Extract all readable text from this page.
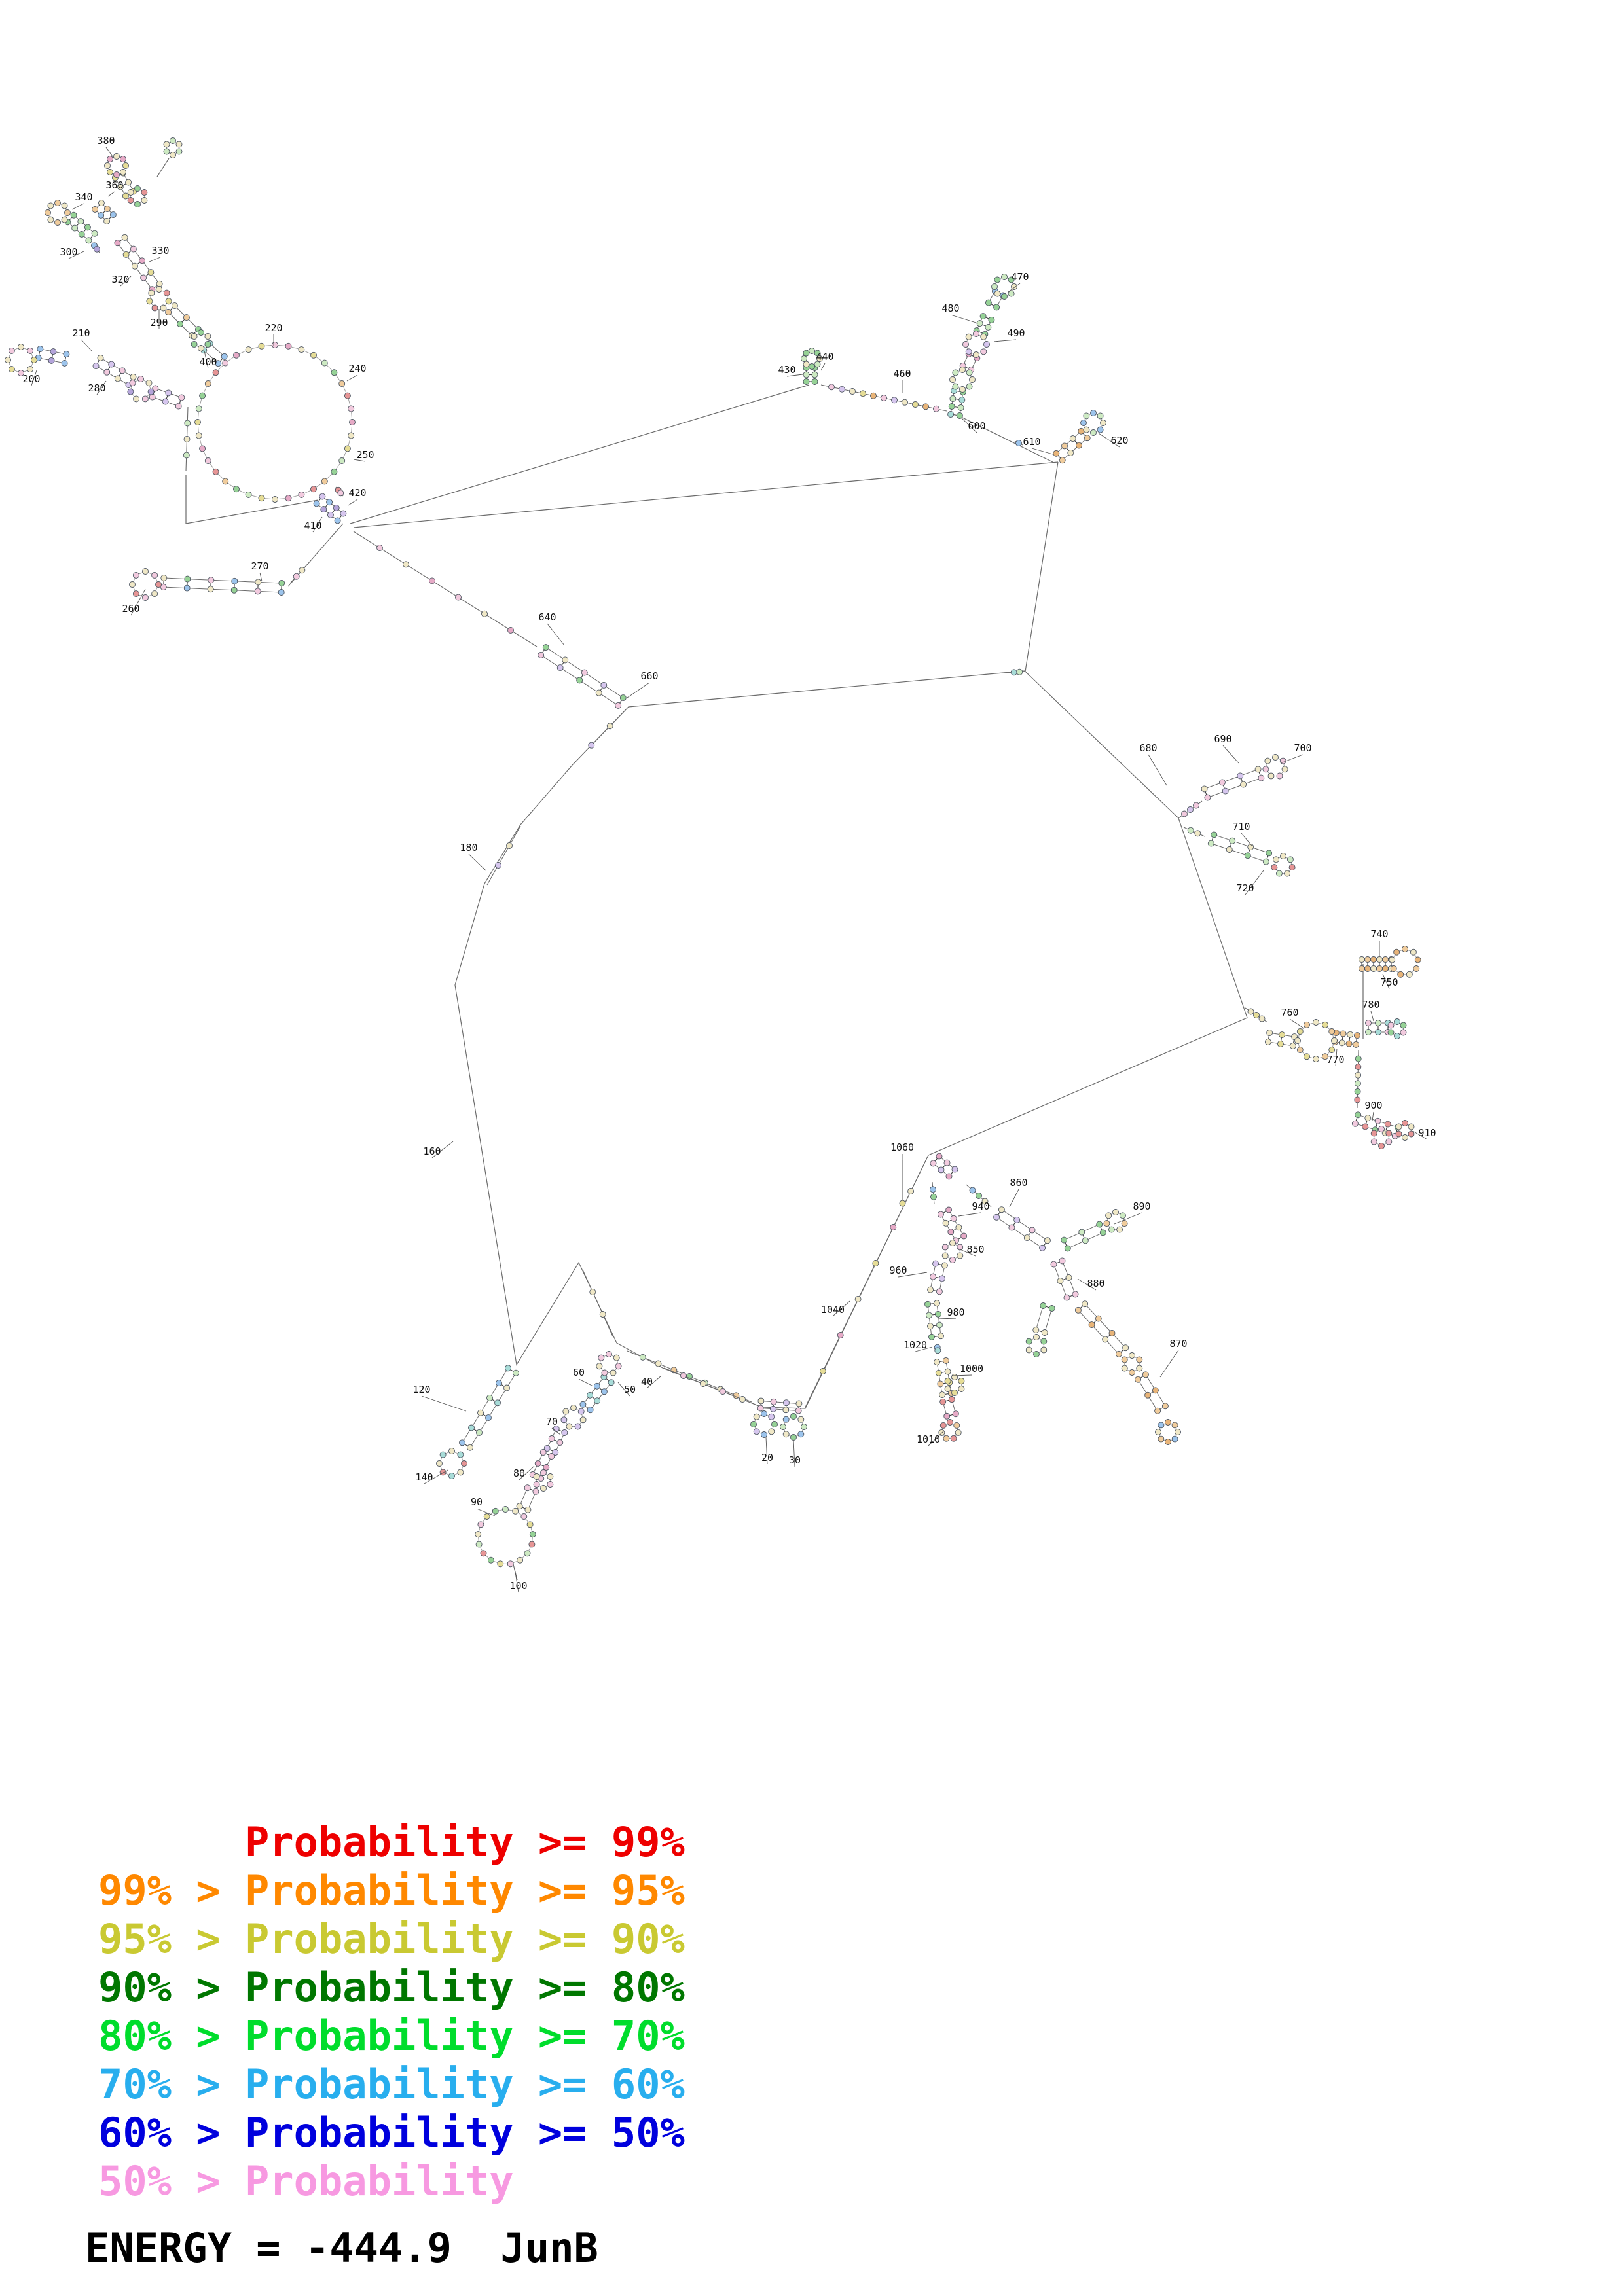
20 30
40
50
60
70
80
90
100
120
140
160
180
200
210	220
240
250
260
270
280
290
300
320
330
340
360
380
400
410
420
430
440
460
470
480
490
600
610	620
640
660
680
690
700
710
720
740
750
760
770
780
850
860
870
880
890
900
910
940
960
980
1000
1010
1020
1040
1060
Probability >= 99%
99% > Probability >= 95%
95% > Probability >= 90%
90% > Probability >= 80%
80% > Probability >= 70%
70% > Probability >= 60%
60% > Probability >= 50%
50% > Probability
ENERGY = -444.9  JunB
